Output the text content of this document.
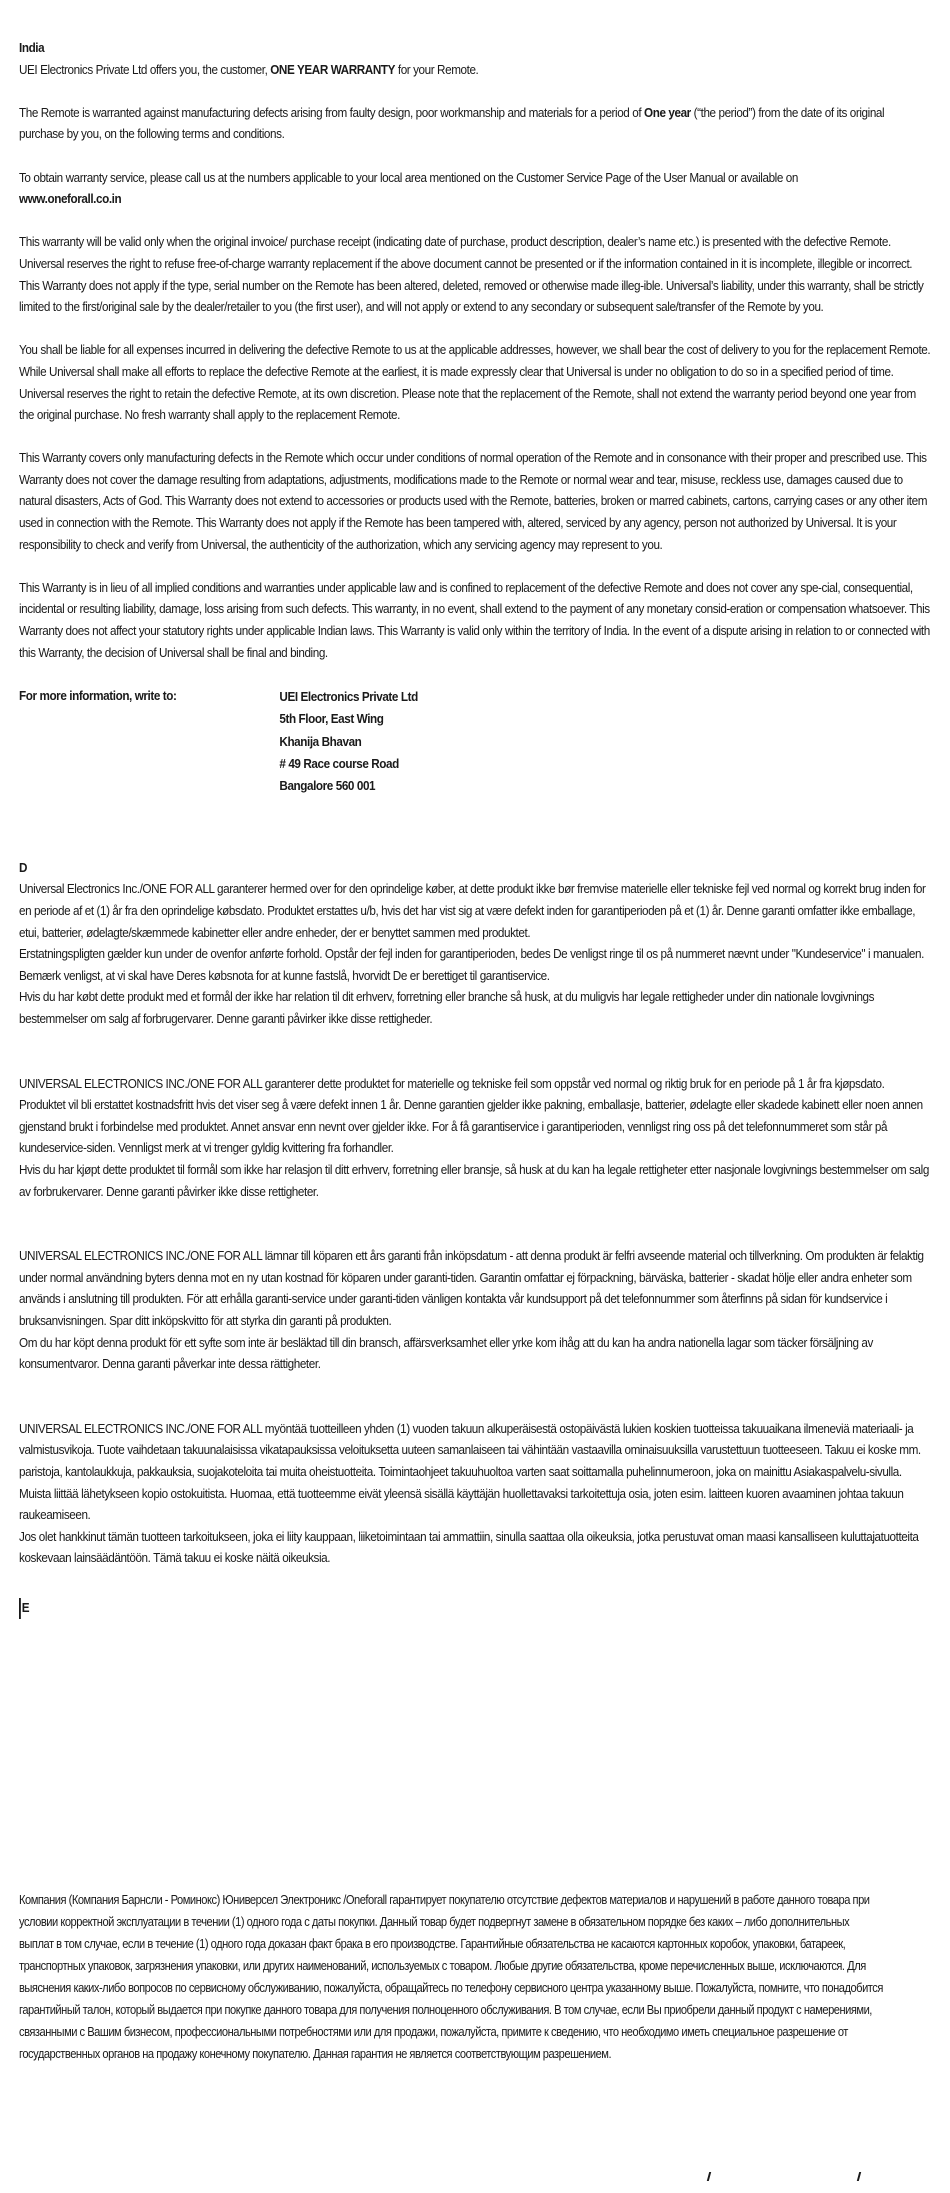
India

UEI Electronics Private Ltd offers you, the customer, ONE YEAR WARRANTY for your Remote.

The Remote is warranted against manufacturing defects arising from faulty design, poor workmanship and materials for a period of One year (“the period”) from the date of its original purchase by you, on the following terms and conditions.

To obtain warranty service, please call us at the numbers applicable to your local area mentioned on the Customer Service Page of the User Manual or available on
www.oneforall.co.in

This warranty will be valid only when the original invoice/ purchase receipt (indicating date of purchase, product description, dealer’s name etc.) is presented with the defective Remote. Universal reserves the right to refuse free-of-charge warranty replacement if the above document cannot be presented or if the information contained in it is incomplete, illegible or incorrect. This Warranty does not apply if the type, serial number on the Remote has been altered, deleted, removed or otherwise made illeg-ible. Universal’s liability, under this warranty, shall be strictly limited to the first/original sale by the dealer/retailer to you (the first user), and will not apply or extend to any secondary or subsequent sale/transfer of the Remote by you.

You shall be liable for all expenses incurred in delivering the defective Remote to us at the applicable addresses, however, we shall bear the cost of delivery to you for the replacement Remote. While Universal shall make all efforts to replace the defective Remote at the earliest, it is made expressly clear that Universal is under no obligation to do so in a specified period of time. Universal reserves the right to retain the defective Remote, at its own discretion. Please note that the replacement of the Remote, shall not extend the warranty period beyond one year from the original purchase. No fresh warranty shall apply to the replacement Remote.

This Warranty covers only manufacturing defects in the Remote which occur under conditions of normal operation of the Remote and in consonance with their proper and prescribed use. This Warranty does not cover the damage resulting from adaptations, adjustments, modifications made to the Remote or normal wear and tear, misuse, reckless use, damages caused due to natural disasters, Acts of God. This Warranty does not extend to accessories or products used with the Remote, batteries, broken or marred cabinets, cartons, carrying cases or any other item used in connection with the Remote. This Warranty does not apply if the Remote has been tampered with, altered, serviced by any agency, person not authorized by Universal. It is your
responsibility to check and verify from Universal, the authenticity of the authorization, which any servicing agency may represent to you.

This Warranty is in lieu of all implied conditions and warranties under applicable law and is confined to replacement of the defective Remote and does not cover any spe-cial, consequential, incidental or resulting liability, damage, loss arising from such defects. This warranty, in no event, shall extend to the payment of any monetary consid-eration or compensation whatsoever. This Warranty does not affect your statutory rights under applicable Indian laws. This Warranty is valid only within the territory of India. In the event of a dispute arising in relation to or connected with this Warranty, the decision of Universal shall be final and binding.

For more information, write to:	UEI Electronics Private Ltd
5th Floor, East Wing
Khanija Bhavan
# 49 Race course Road
Bangalore 560 001

D

Universal Electronics Inc./ONE FOR ALL garanterer hermed over for den oprindelige køber, at dette produkt ikke bør fremvise materielle eller tekniske fejl ved normal og korrekt brug inden for en periode af et (1) år fra den oprindelige købsdato. Produktet erstattes u/b, hvis det har vist sig at være defekt inden for garantiperioden på et (1) år. Denne garanti omfatter ikke emballage, etui, batterier, ødelagte/skæmmede kabinetter eller andre enheder, der er benyttet sammen med produktet.

Erstatningspligten gælder kun under de ovenfor anførte forhold. Opstår der fejl inden for garantiperioden, bedes De venligst ringe til os på nummeret nævnt under "Kundeservice" i manualen. Bemærk venligst, at vi skal have Deres købsnota for at kunne fastslå, hvorvidt De er berettiget til garantiservice.

Hvis du har købt dette produkt med et formål der ikke har relation til dit erhverv, forretning eller branche så husk, at du muligvis har legale rettigheder under din nationale lovgivnings bestemmelser om salg af forbrugervarer. Denne garanti påvirker ikke disse rettigheder.

UNIVERSAL ELECTRONICS INC./ONE FOR ALL garanterer dette produktet for materielle og tekniske feil som oppstår ved normal og riktig bruk for en periode på 1 år fra kjøpsdato. Produktet vil bli erstattet kostnadsfritt hvis det viser seg å være defekt innen 1 år. Denne garantien gjelder ikke pakning, emballasje, batterier, ødelagte eller skadede kabinett eller noen annen gjenstand brukt i forbindelse med produktet. Annet ansvar enn nevnt over gjelder ikke. For å få garantiservice i garantiperioden, vennligst ring oss på det telefonnummeret som står på kundeservice-siden. Vennligst merk at vi trenger gyldig kvittering fra forhandler.

Hvis du har kjøpt dette produktet til formål som ikke har relasjon til ditt erhverv, forretning eller bransje, så husk at du kan ha legale rettigheter etter nasjonale lovgivnings bestemmelser om salg av forbrukervarer. Denne garanti påvirker ikke disse rettigheter.

UNIVERSAL ELECTRONICS INC./ONE FOR ALL lämnar till köparen ett års garanti från inköpsdatum - att denna produkt är felfri avseende material och tillverkning. Om produkten är felaktig under normal användning byters denna mot en ny utan kostnad för köparen under garanti-tiden. Garantin omfattar ej förpackning, bärväska, batterier - skadat hölje eller andra enheter som används i anslutning till produkten. För att erhålla garanti-service under garanti-tiden vänligen kontakta vår kundsupport på det telefonnummer som återfinns på sidan för kundservice i bruksanvisningen. Spar ditt inköpskvitto för att styrka din garanti på produkten.

Om du har köpt denna produkt för ett syfte som inte är besläktad till din bransch, affärsverksamhet eller yrke kom ihåg att du kan ha andra nationella lagar som täcker försäljning av konsumentvaror. Denna garanti påverkar inte dessa rättigheter.

UNIVERSAL ELECTRONICS INC./ONE FOR ALL myöntää tuotteilleen yhden (1) vuoden takuun alkuperäisestä ostopäivästä lukien koskien tuotteissa takuuaikana ilmeneviä materiaali- ja valmistusvikoja. Tuote vaihdetaan takuunalaisissa vikatapauksissa veloituksetta uuteen samanlaiseen tai vähintään vastaavilla ominaisuuksilla varustettuun tuotteeseen. Takuu ei koske mm. paristoja, kantolaukkuja, pakkauksia, suojakoteloita tai muita oheistuotteita. Toimintaohjeet takuuhuoltoa varten saat soittamalla puhelinnumeroon, joka on mainittu Asiakaspalvelu-sivulla. Muista liittää lähetykseen kopio ostokuitista. Huomaa, että tuotteemme eivät yleensä sisällä käyttäjän huollettavaksi tarkoitettuja osia, joten esim. laitteen kuoren avaaminen johtaa takuun raukeamiseen.

Jos olet hankkinut tämän tuotteen tarkoitukseen, joka ei liity kauppaan, liiketoimintaan tai ammattiin, sinulla saattaa olla oikeuksia, jotka perustuvat oman maasi kansalliseen kuluttajatuotteita koskevaan lainsäädäntöön. Tämä takuu ei koske näitä oikeuksia.

E

Компания (Компания Барнсли - Роминокс) Юниверсел Электроникс /Oneforall гарантирует покупателю отсутствие дефектов материалов и нарушений в работе данного товара при условии корректной эксплуатации в течении (1) одного года с даты покупки. Данный товар будет подвергнут замене в обязательном порядке без каких – либо дополнительных выплат в том случае, если в течение (1) одного года доказан факт брака в его производстве. Гарантийные обязательства не касаются картонных коробок, упаковки, батареек, транспортных упаковок, загрязнения упаковки, или других наименований, используемых с товаром. Любые другие обязательства, кроме перечисленных выше, исключаются. Для выяснения каких-либо вопросов по сервисному обслуживанию, пожалуйста, обращайтесь по телефону сервисного центра указанному выше. Пожалуйста, помните, что понадобится гарантийный талон, который выдается при покупке данного товара для получения полноценного обслуживания. В том случае, если Вы приобрели данный продукт с намерениями, связанными с Вашим бизнесом, профессиональными потребностями или для продажи, пожалуйста, примите к сведению, что необходимо иметь специальное разрешение от государственных органов на продажу конечному покупателю. Данная гарантия не является соответствующим разрешением.
